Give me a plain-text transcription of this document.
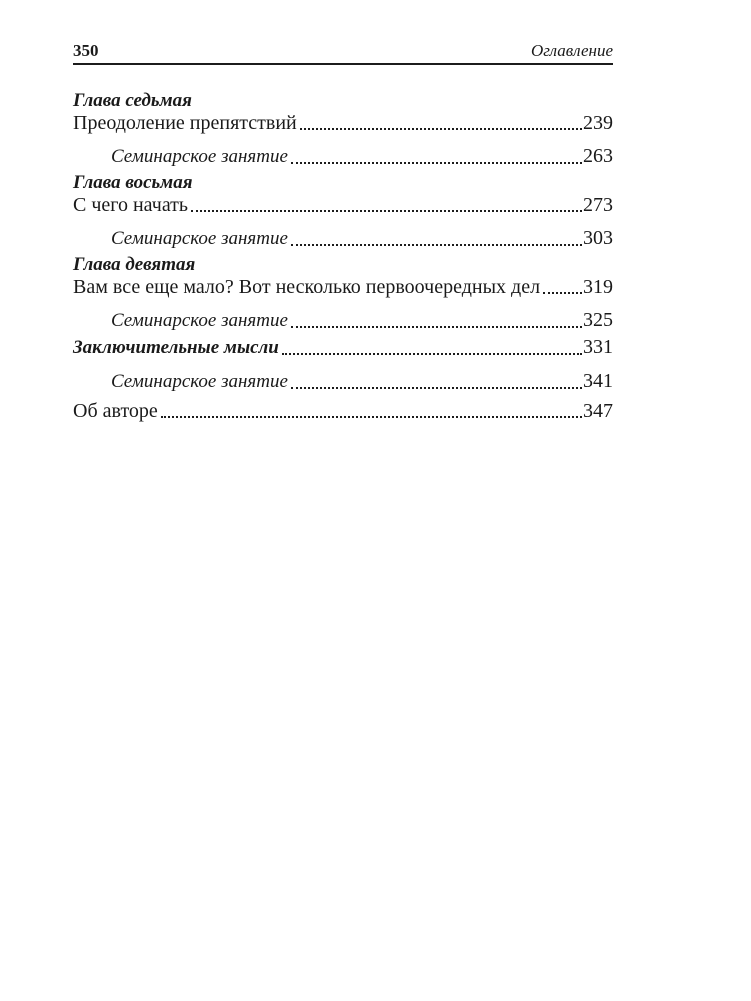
350	Оглавление
Глава седьмая
Преодоление препятствий	239
Семинарское занятие	263
Глава восьмая
С чего начать	273
Семинарское занятие	303
Глава девятая
Вам все еще мало? Вот несколько первоочередных дел 319
Семинарское занятие	325
Заключительные мысли	331
Семинарское занятие	341
Об авторе	347
